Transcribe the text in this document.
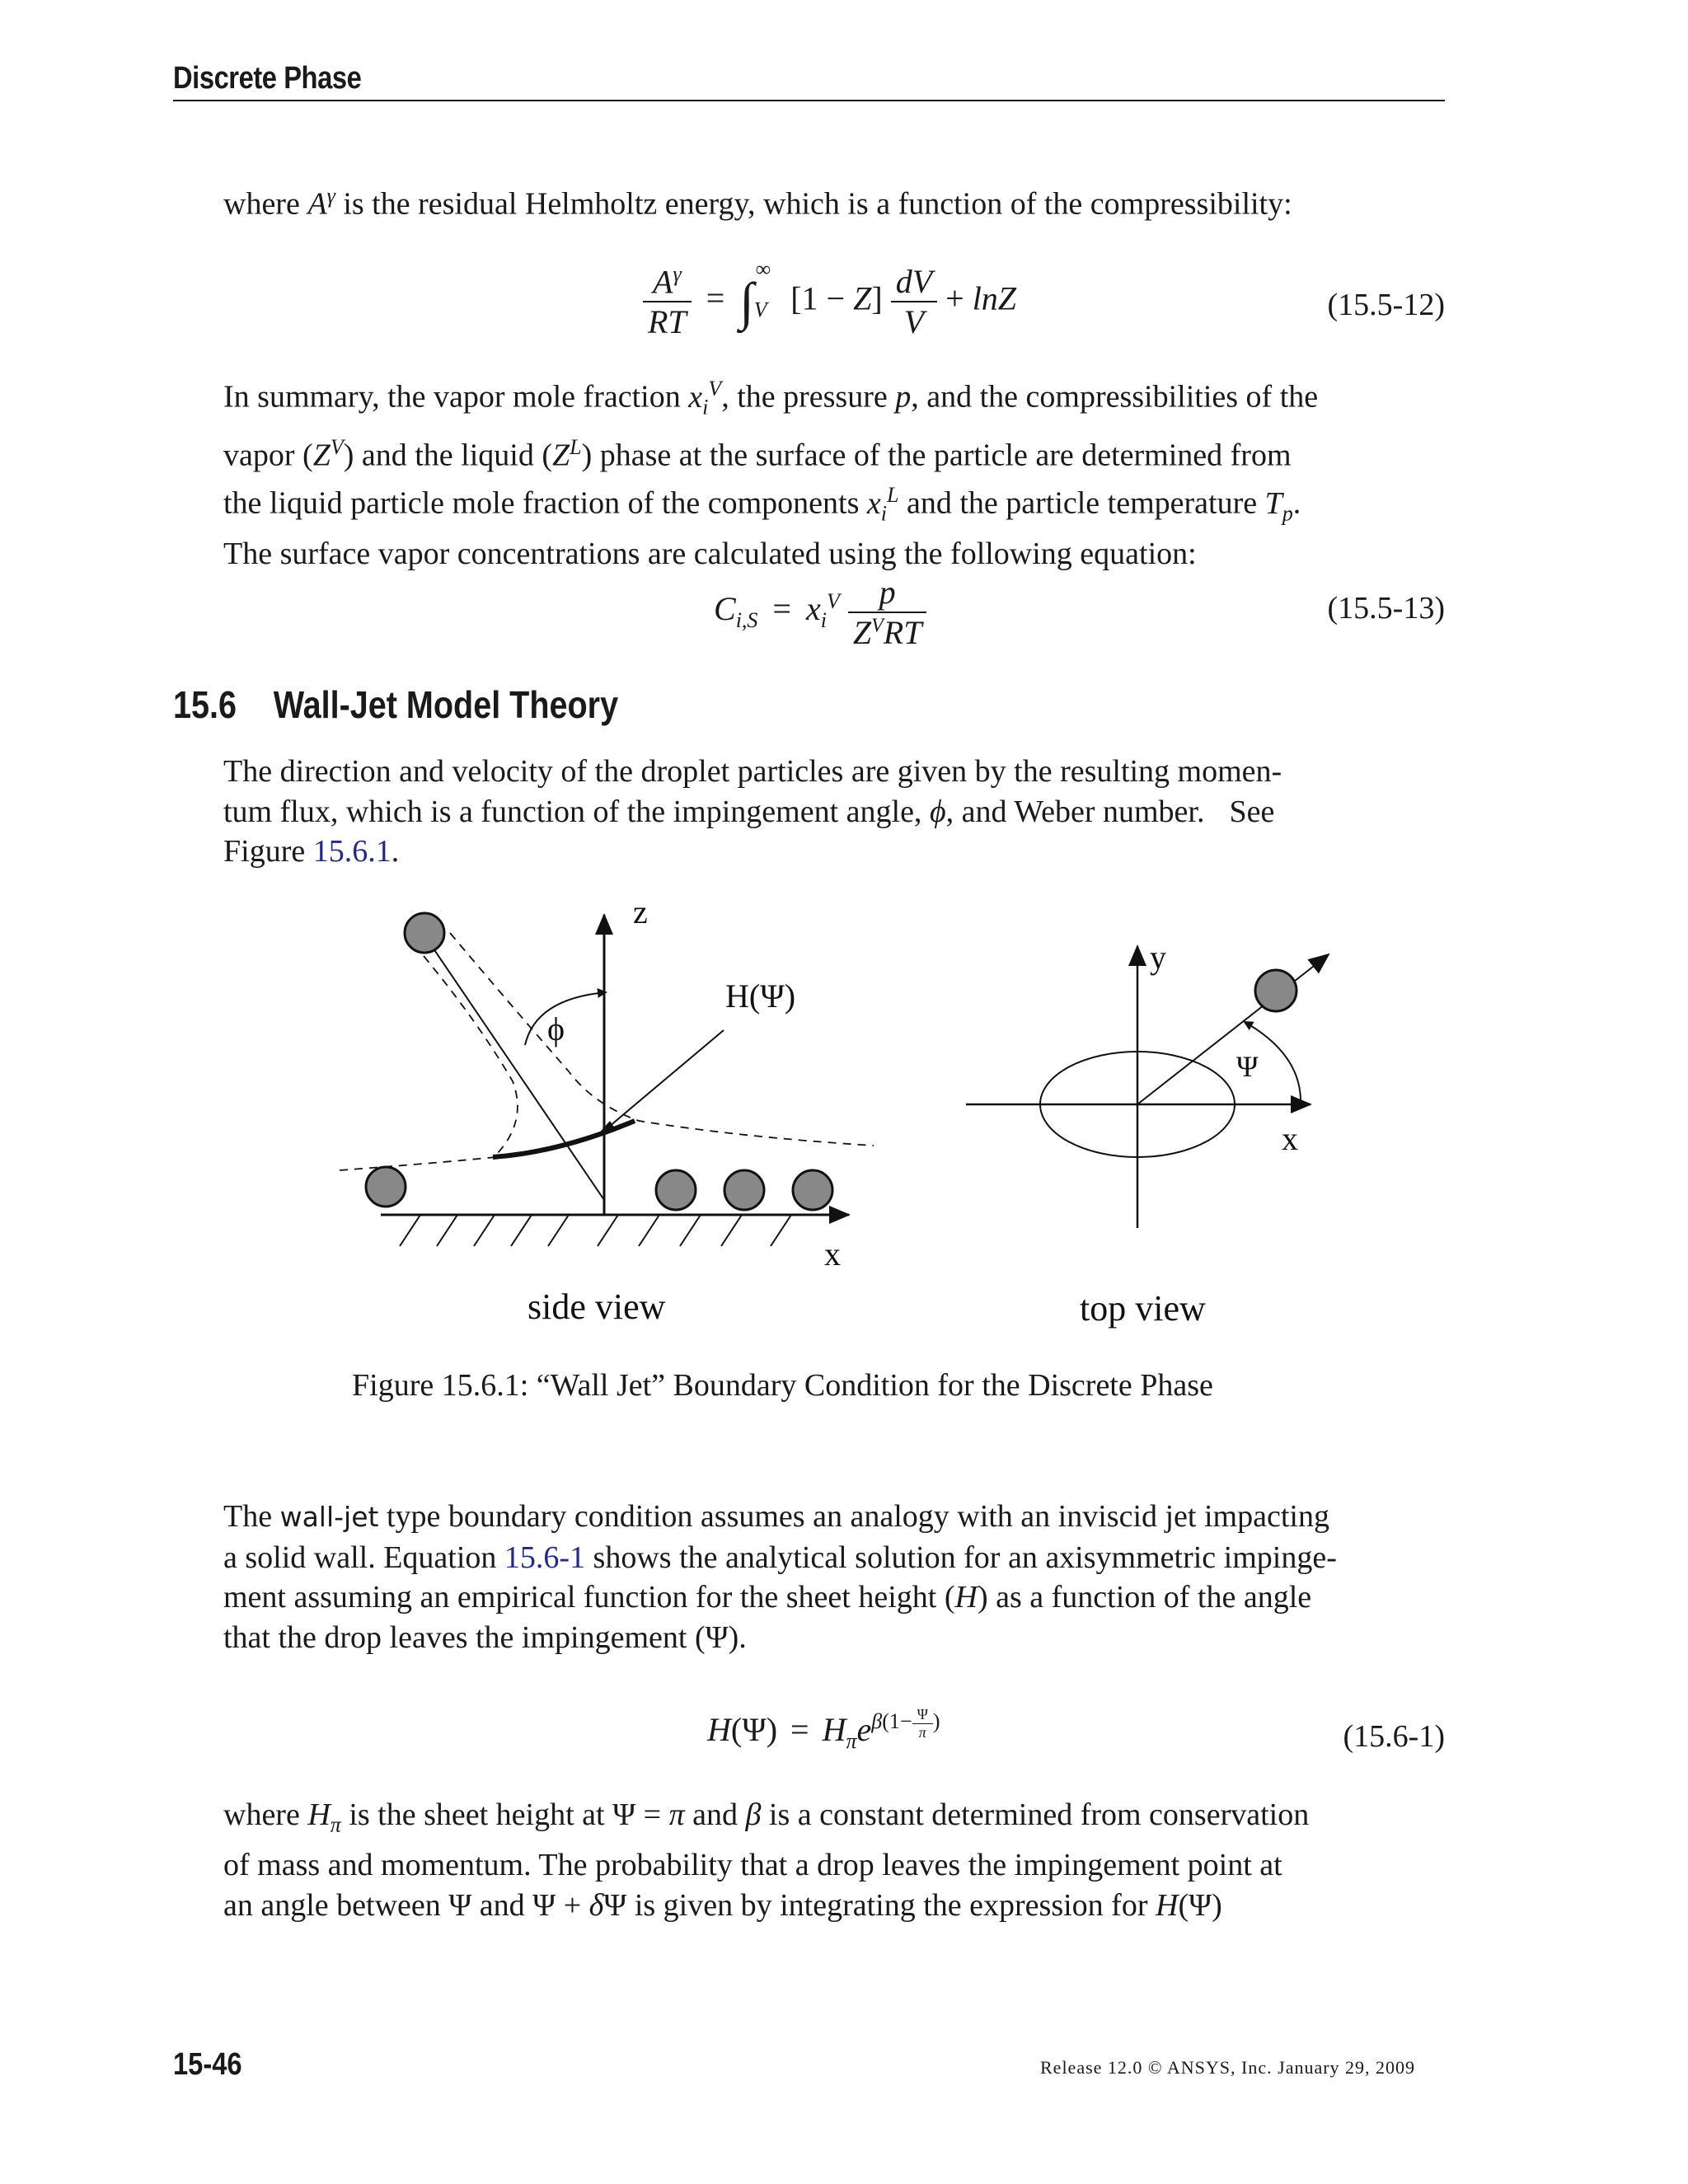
Discrete Phase

where $A^\gamma$ is the residual Helmholtz energy, which is a function of the compressibility:

$\frac{A^\gamma}{RT} = \int_V^\infty$ $[1 - Z] \frac{dV}{V} + \ln Z$	(15.5-12)

In summary, the vapor mole fraction $x_i^V$, the pressure p, and the compressibilities of the

vapor $(Z^V)$ and the liquid $(Z^L)$ phase at the surface of the particle are determined from

the liquid particle mole fraction of the components $x_i^L$ and the particle temperature $T_p$.

The surface vapor concentrations are calculated using the following equation:

$C_{i,S} = x_i^V \frac{p}{Z^VRT}$	(15.5-13)
15.6 Wall-Jet Model Theory

The direction and velocity of the droplet particles are given by the resulting momen-

tum flux, which is a function of the impingement angle, ϕ, and Weber number. See

Figure 15.6.1.

z
x
ϕ
H(Ψ)
side view
y
x
Ψ
top view
Figure 15.6.1: “Wall Jet” Boundary Condition for the Discrete Phase

The wall-jet type boundary condition assumes an analogy with an inviscid jet impacting

a solid wall. Equation 15.6-1 shows the analytical solution for an axisymmetric impinge-

ment assuming an empirical function for the sheet height (H) as a function of the angle

that the drop leaves the impingement (Ψ).

$H(\Psi) = H_\pi e^{\beta(1- \frac{\Psi}{\pi} )}$	(15.6-1)

where $H_\pi$ is the sheet height at Ψ = π and β is a constant determined from conservation

of mass and momentum. The probability that a drop leaves the impingement point at

an angle between Ψ and Ψ + δΨ is given by integrating the expression for H(Ψ)

15-46	Release 12.0 © ANSYS, Inc. January 29, 2009
